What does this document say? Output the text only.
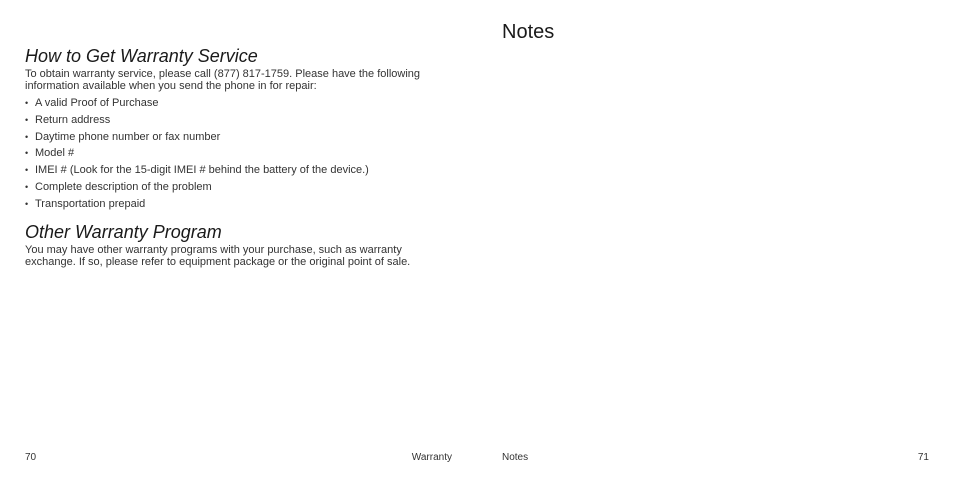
How to Get Warranty Service

To obtain warranty service, please call (877) 817-1759. Please have the following information available when you send the phone in for repair:

• A valid Proof of Purchase
• Return address
• Daytime phone number or fax number
• Model #
• IMEI # (Look for the 15-digit IMEI # behind the battery of the device.)
• Complete description of the problem
• Transportation prepaid
Other Warranty Program

You may have other warranty programs with your purchase, such as warranty exchange. If so, please refer to equipment package or the original point of sale.

70	Warranty
Notes
Notes	71
